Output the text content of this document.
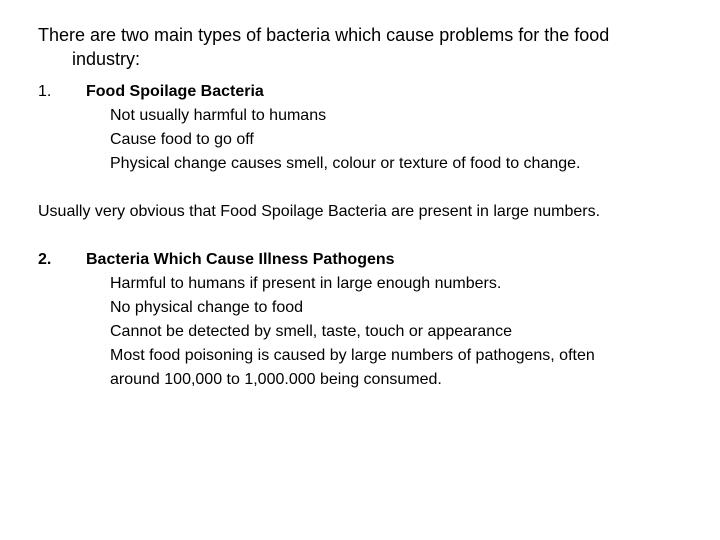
There are two main types of bacteria which cause problems for the food
industry:
1. Food Spoilage Bacteria
Not usually harmful to humans
Cause food to go off
Physical change causes smell, colour or texture of food to change.
Usually very obvious that Food Spoilage Bacteria are present in large numbers.
2. Bacteria Which Cause Illness Pathogens
Harmful to humans if present in large enough numbers.
No physical change to food
Cannot be detected by smell, taste, touch or appearance
Most food poisoning is caused by large numbers of pathogens, often
around 100,000 to 1,000.000 being consumed.
